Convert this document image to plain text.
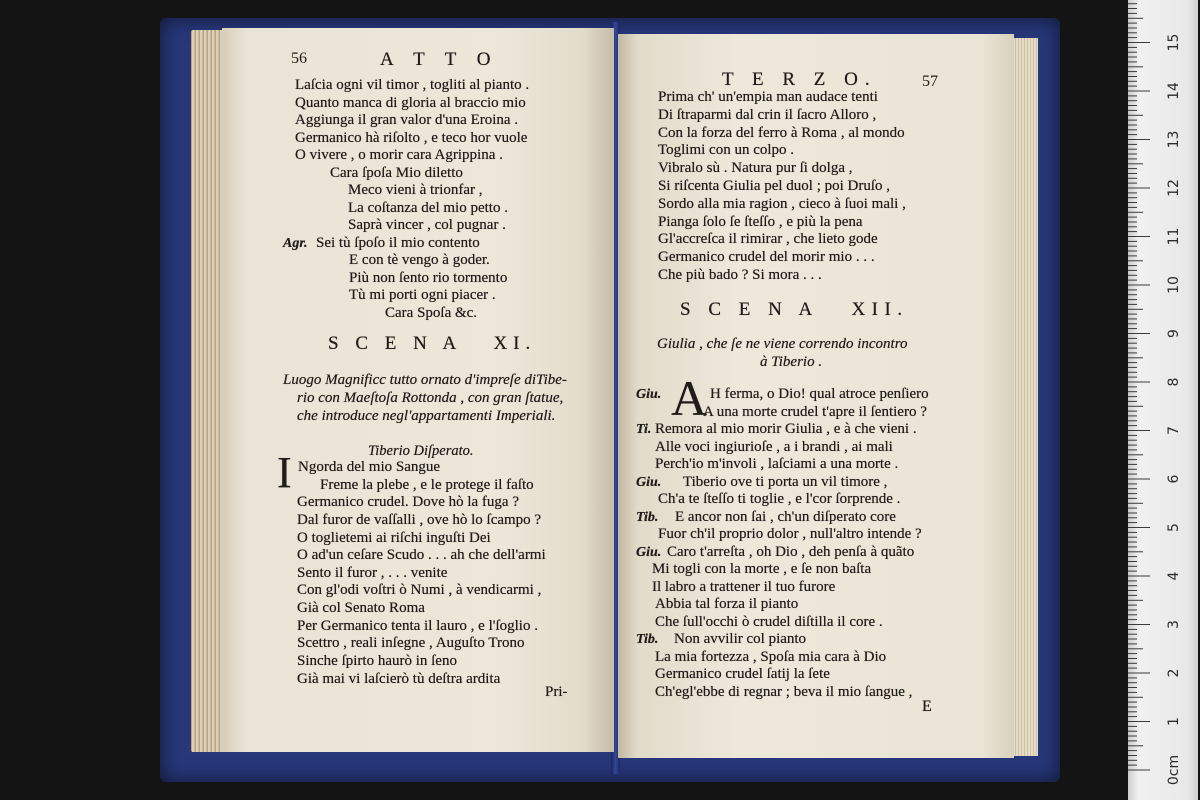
56	A T T O
Laſcia ogni vil timor , togliti al pianto .
Quanto manca di gloria al braccio mio
Aggiunga il gran valor d'una Eroina .
Germanico hà riſolto , e teco hor vuole
O vivere , o morir cara Agrippina .
Cara ſpoſa Mio diletto
Meco vieni à trionfar ,
La coſtanza del mio petto .
Saprà vincer , col pugnar .

Agr.

Sei tù ſpoſo il mio contento

E con tè vengo à goder.
Più non ſento rio tormento
Tù mi porti ogni piacer .
Cara Spoſa &c.
S C E N A   XI.
Luogo Magnificc tutto ornato d'impreſe diTibe-
rio con Maeſtoſa Rottonda , con gran ſtatue,
che introduce negl'appartamenti Imperiali.
Tiberio Diſperato.
I Ngorda del mio Sangue
Freme la plebe , e le protege il faſto
Germanico crudel. Dove hò la fuga ?
Dal furor de vaſſalli , ove hò lo ſcampo ?
O toglietemi ai riſchi inguſti Dei
O ad'un ceſare Scudo . . . ah che dell'armi
Sento il furor , . . . venite
Con gl'odi voſtri ò Numi , à vendicarmi ,
Già col Senato Roma
Per Germanico tenta il lauro , e l'ſoglio .
Scettro , reali inſegne , Auguſto Trono
Sinche ſpirto haurò in ſeno
Già mai vi laſcierò tù deſtra ardita
Pri-
T E R Z O.	57
Prima ch' un'empia man audace tenti
Di ſtraparmi dal crin il ſacro Alloro ,
Con la forza del ferro à Roma , al mondo
Toglimi con un colpo .
Vibralo sù . Natura pur ſi dolga ,
Si riſcenta Giulia pel duol ; poi Druſo ,
Sordo alla mia ragion , cieco à ſuoi mali ,
Pianga ſolo ſe ſteſſo , e più la pena
Gl'accreſca il rimirar , che lieto gode
Germanico crudel del morir mio . . .
Che più bado ? Si mora . . .
S C E N A   XII.
Giulia , che ſe ne viene correndo incontro
à Tiberio .
A

Giu.

	H ferma, o Dio! qual atroce penſiero

A una morte crudel t'apre il ſentiero ?

Ti.

Remora al mio morir Giulia , e à che vieni .

Alle voci ingiurioſe , a i brandi , ai mali
Perch'io m'involi , laſciami a una morte .

Giu.

Tiberio ove ti porta un vil timore ,

Ch'a te ſteſſo ti toglie , e l'cor ſorprende .

Tib.

E ancor non ſai , ch'un diſperato core

Fuor ch'il proprio dolor , null'altro intende ?

Giu.

Caro t'arreſta , oh Dio , deh penſa à quãto

Mi togli con la morte , e ſe non baſta
Il labro a trattener il tuo furore
Abbia tal forza il pianto
Che ſull'occhi ò crudel diſtilla il core .

Tib.

Non avvilir col pianto

La mia fortezza , Spoſa mia cara à Dio
Germanico crudel ſatij la ſete
Ch'egl'ebbe di regnar ; beva il mio ſangue ,
E
0cm
1
2
3
4
5
6
7
8
9
10
11
12
13
14
15
